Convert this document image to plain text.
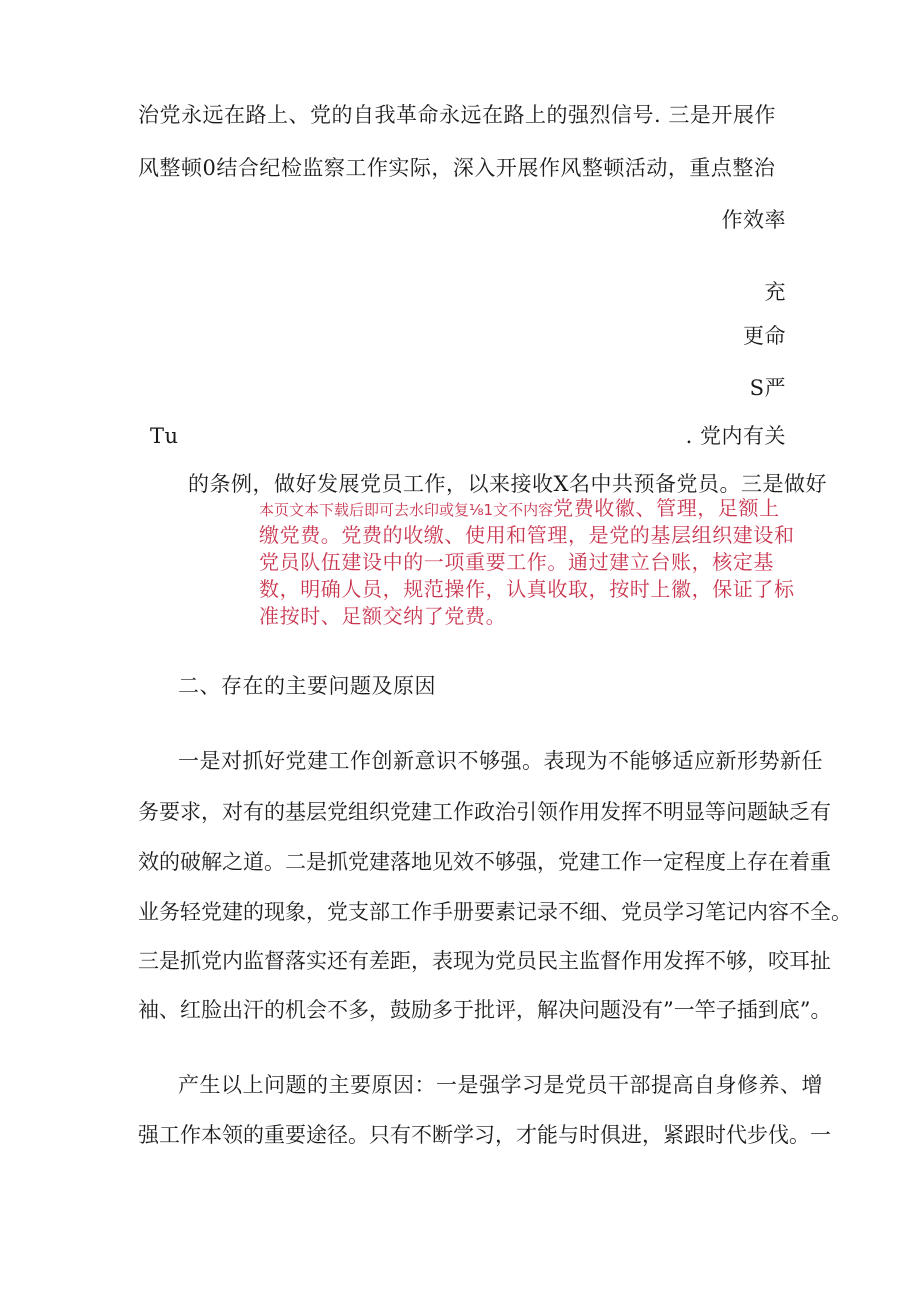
治党永远在路上、党的自我革命永远在路上的强烈信号. 三是开展作

风整顿0结合纪检监察工作实际，深入开展作风整顿活动，重点整治

作效率

充

更命

S严

Tu	. 党内有关

的条例，做好发展党员工作，以来接收X名中共预备党员。三是做好

本页文本下载后即可去水印或复⅛1文不内容党费收徽、管理，足额上

缴党费。党费的收缴、使用和管理，是党的基层组织建设和

党员队伍建设中的一项重要工作。通过建立台账，核定基

数，明确人员，规范操作，认真收取，按时上徽，保证了标

准按时、足额交纳了党费。

二、存在的主要问题及原因

一是对抓好党建工作创新意识不够强。表现为不能够适应新形势新任

务要求，对有的基层党组织党建工作政治引领作用发挥不明显等问题缺乏有

效的破解之道。二是抓党建落地见效不够强，党建工作一定程度上存在着重

业务轻党建的现象，党支部工作手册要素记录不细、党员学习笔记内容不全。

三是抓党内监督落实还有差距，表现为党员民主监督作用发挥不够，咬耳扯

袖、红脸出汗的机会不多，鼓励多于批评，解决问题没有”一竿子插到底”。

产生以上问题的主要原因：一是强学习是党员干部提高自身修养、增

强工作本领的重要途径。只有不断学习，才能与时俱进，紧跟时代步伐。一
